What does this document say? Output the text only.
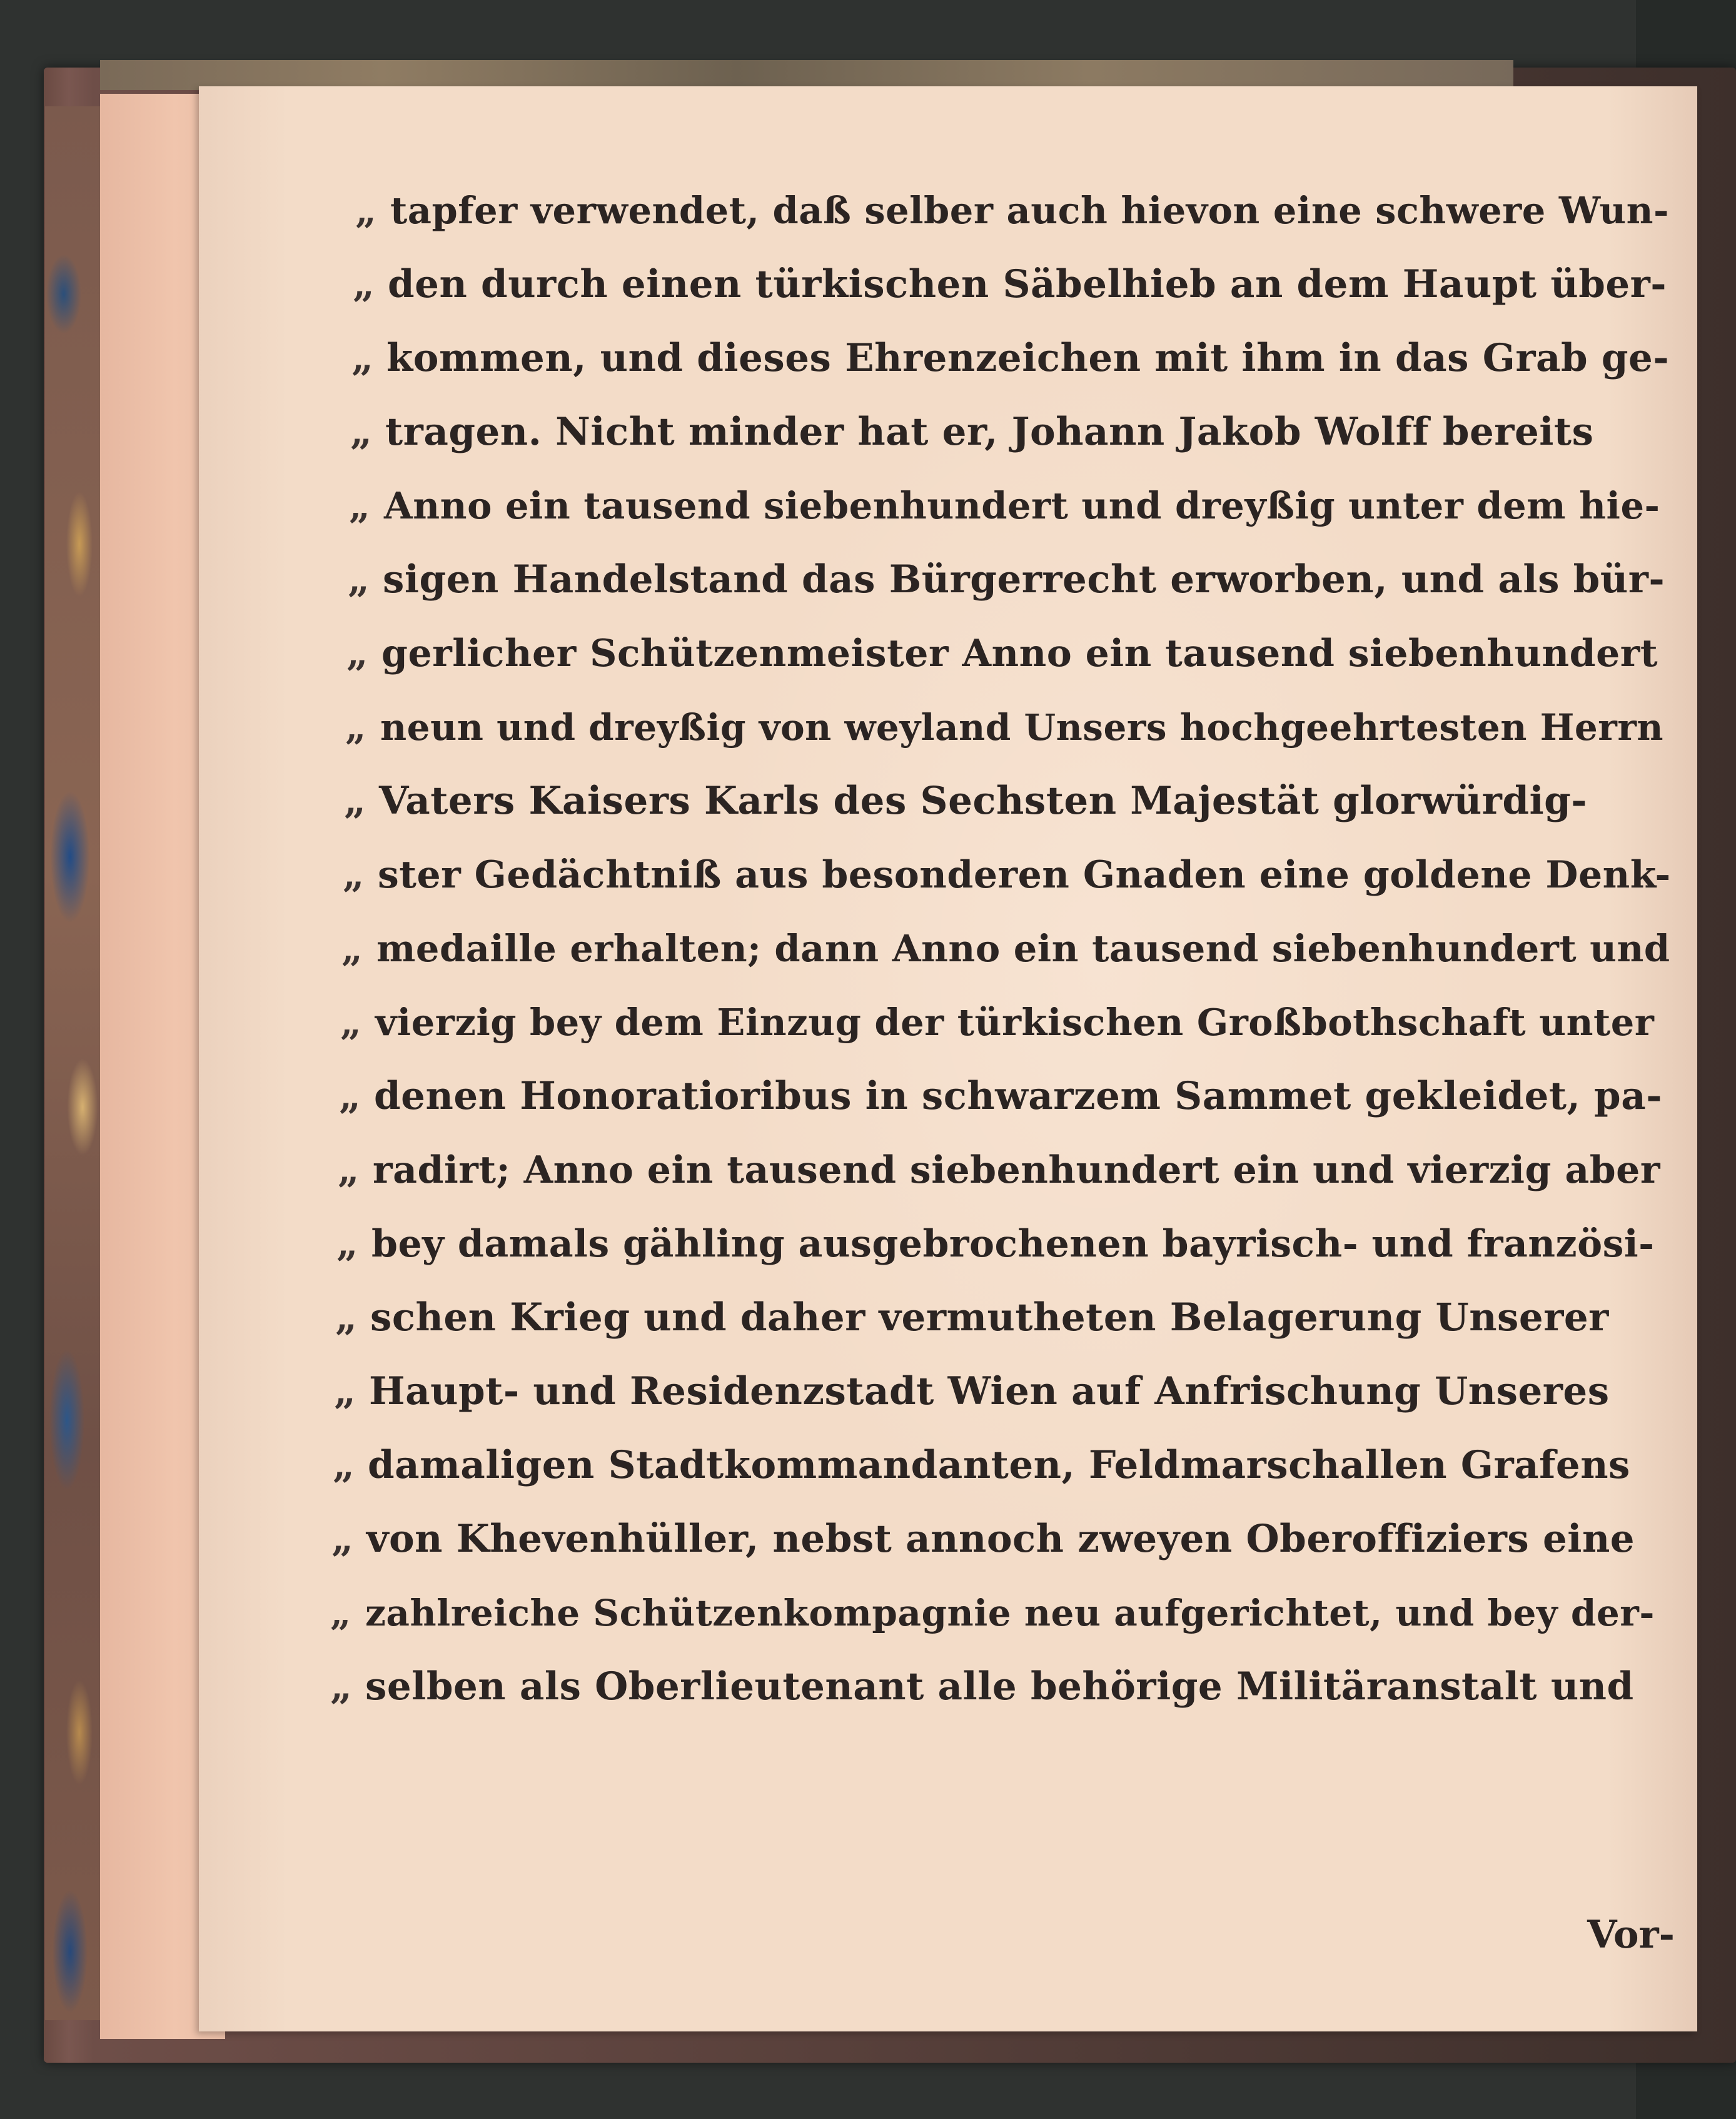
„ tapfer verwendet, daß selber auch hievon eine schwere Wun-
„ den durch einen türkischen Säbelhieb an dem Haupt über-
„ kommen, und dieses Ehrenzeichen mit ihm in das Grab ge-
„ tragen. Nicht minder hat er, Johann Jakob Wolff bereits
„ Anno ein tausend siebenhundert und dreyßig unter dem hie-
„ sigen Handelstand das Bürgerrecht erworben, und als bür-
„ gerlicher Schützenmeister Anno ein tausend siebenhundert
„ neun und dreyßig von weyland Unsers hochgeehrtesten Herrn
„ Vaters Kaisers Karls des Sechsten Majestät glorwürdig-
„ ster Gedächtniß aus besonderen Gnaden eine goldene Denk-
„ medaille erhalten; dann Anno ein tausend siebenhundert und
„ vierzig bey dem Einzug der türkischen Großbothschaft unter
„ denen Honoratioribus in schwarzem Sammet gekleidet, pa-
„ radirt; Anno ein tausend siebenhundert ein und vierzig aber
„ bey damals gähling ausgebrochenen bayrisch- und französi-
„ schen Krieg und daher vermutheten Belagerung Unserer
„ Haupt- und Residenzstadt Wien auf Anfrischung Unseres
„ damaligen Stadtkommandanten, Feldmarschallen Grafens
„ von Khevenhüller, nebst annoch zweyen Oberoffiziers eine
„ zahlreiche Schützenkompagnie neu aufgerichtet, und bey der-
„ selben als Oberlieutenant alle behörige Militäranstalt und
Vor-
